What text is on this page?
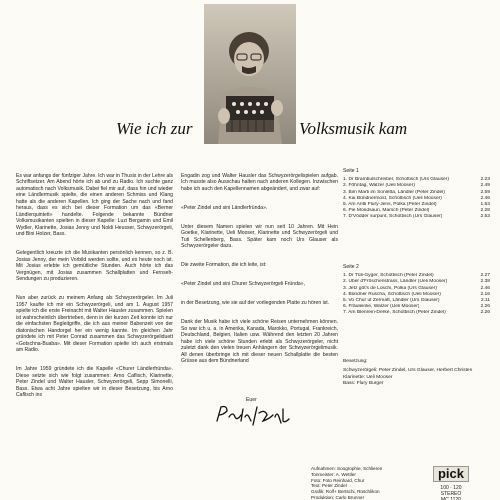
Wie ich zur	Volksmusik kam

Es war anfangs der fünfziger Jahre. Ich war in Thusis in der Lehre als Schriftsetzer. Am Abend hörte ich ab und zu Radio. Ich suchte ganz automatisch nach Volksmusik. Dabei fiel mir auf, dass hin und wieder eine Ländlermusik spielte, die einen anderen Schmiss und Klang hatte als die anderen Kapellen. Ich ging der Sache nach und fand heraus, dass es sich bei dieser Formation um das «Berner Ländlerquintett» handelte. Folgende bekannte Bündner Volksmusikanten spielten in dieser Kapelle: Luzi Bergamin und Emil Wydler, Klarinette, Josias Jenny und Noldi Heusser, Schwyzerörgeli, und Bini Holzer, Bass.

Gelegentlich kreuzte ich die Musikanten persönlich kennen, so z. B. Josias Jenny, der mein Vorbild werden sollte, und es heute noch ist. Mit Josias erlebte ich gemütliche Stunden. Auch hörte ich das Vergnügen, mit Josias zusammen Schallplatten und Fernseh-Sendungen zu produzieren.

Nun aber zurück zu meinem Anfang als Schwyzerörgeler. Im Juli 1957 kaufte ich mir ein Schwyzerörgeli, und am 1. August 1957 spielte ich die erste Freinacht mit Walter Hausler zusammen. Spielen ist wahrscheinlich übertrieben, denn in der kurzen Zeit konnte ich nur die einfachsten Begleitgriffe, die ich aus meiner Babenzeit von der diatonischen Handorgel her ein wenig kannte. Im gleichen Jahr gründete ich mit Peter Conrad zusammen das Schwyzerörgeliduett «Gotschna-Buaba». Mit dieser Formation spielte ich auch erstmals am Radio.

Im Jahre 1959 gründete ich die Kapelle «Churer Ländlerfründa». Diese setzte sich wie folgt zusammen: Arno Caflisch, Klarinette, Peter Zindel und Walter Hausler, Schwyzerörgeli, Sepp Simonelli, Bass. Etwa acht Jahre spielten wir in dieser Besetzung, bis Arno Caflisch ins

Engadin zog und Walter Hausler das Schwyzerörgelispielen aufgab. Ich musste also Ausschau halten nach anderen Kollegen. Inzwischen habe ich auch den Kapellennamen abgeändert, und zwar auf:

«Peter Zindel und sini Ländlerfründa».

Unter diesem Namen spielen wir nun seit 10 Jahren. Mit Hein Goetke, Klarinette, Ueli Mooser, Klarinette und Schwyzerörgeli und Tuti Schellenberg, Bass. Später kam noch Urs Glauser als Schwyzerörgeler dazu.

Die zweite Formation, die ich leite, ist:

«Peter Zindel und sini Churer Schwyzerörgeli Fründa»,

in der Besetzung, wie sie auf der vorliegenden Platte zu hören ist.

Dank der Musik habe ich viele schöne Reisen unternehmen können. So war ich u. a. in Amerika, Kanada, Marokko, Portugal, Frankreich, Deutschland, Belgien, Italien usw. Während den letzten 20 Jahren habe ich viele schöne Stunden erlebt als Schwyzerörgeler, nicht zuletzt dank den vielen treuen Anhängern der Schwyzerörgelimusik. All denen überbringe ich mit dieser neuen Schallplatte die besten Grüsse aus dem Bündnerland

Euer
Seite 1
1. Dr Brambulschreiber, Schottisch (Urs Glauser)	2.23
2. Föhntag, Walzer (Ueli Mooser)	2.49
3. Bim Marti im Sonletta, Ländler (Peter Zindel)	2.59
4. Kai Bündnermost, Schottisch (Ueli Mooser)	2.46
5. Am Antti Flury-Jens, Polka (Peter Zindel)	1.53
6. Pie Mondsaun, Marsch (Peter Zindel)	2.28
7. D'Vödder surpunt, Schottisch (Urs Glauser)	2.53
Seite 2
1. Dr Tüli-Gyger, Schottisch (Peter Zindel)	2.27
2. Über d'Fröschenstrass, Ländler (Ueli Mooser)	2.38
3. Jetz göt's de Loschi, Polka (Urs Glauser)	2.46
4. Bündner Ruscha, Schottisch (Ueli Mooser)	2.16
5. Vo Chur uf Zermatt, Ländler (Urs Glauser)	2.11
6. Fräuleinlie, Walzer (Ueli Mooser)	2.26
7. Am Blenrein-Derke, Schottisch (Peter Zindel)	2.26
Besetzung:
Schwyzerörgeli: Peter Zindel, Urs Glauser, Herbert Christen
Klarinette: Ueli Mooser
Bass: Flury Burger
Aufnahmen: Soogrophie, Schlieren
Tonmeister: A. Wettler
Foto: Foto Reinhard, Chur
Text: Peter Zindel
Grafik: Rolf+ Bertschi, Rüschlikon
Produktion: Carlo Brunner
pick
100 · 120
STEREO
MC 1120
